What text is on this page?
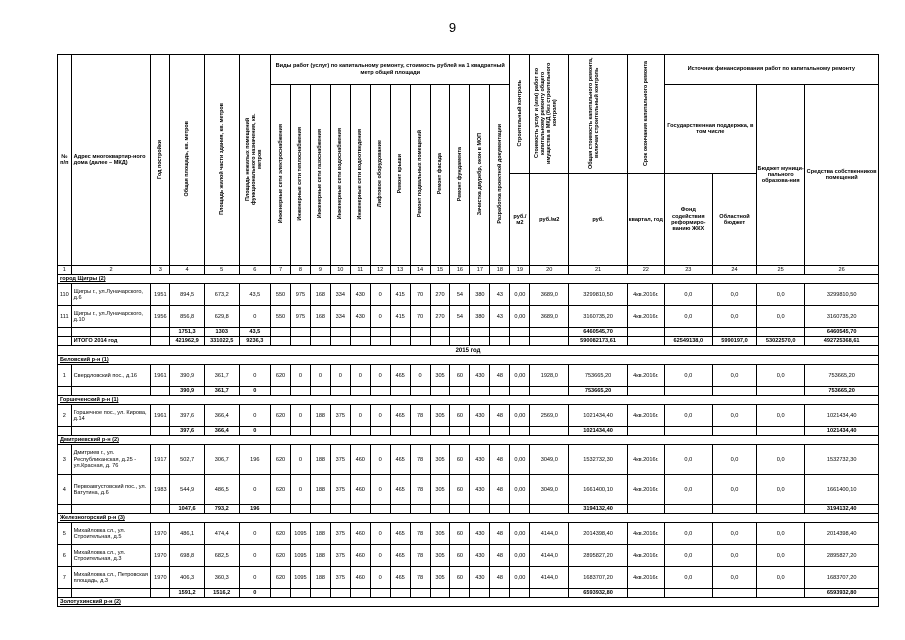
9
№ п/п	Адрес многоквартир-ного дома (далее – МКД)	Год постройки	Общая площадь, кв. метров	Площадь жилой части здания, кв. метров	Площадь нежилых помещений функционального назначения, кв. метров	Виды работ (услуг) по капитальному ремонту, стоимость рублей на 1 квадратный метр общей площади												Строительный контроль	Стоимость услуг и (или) работ по капитальному ремонту общего имущества в МКД (без строительного контроля)	Общая стоимость капитального ремонта, включая строительный контроль	Срок окончания капитального ремонта	Источник финансирования работ по капитальному ремонту			
						Инженерные сети электроснабжения	Инженерные сети теплоснабжения	Инженерные сети газоснабжения	Инженерные сети водоснабжения	Инженерные сети водоотведения	Лифтовое оборудование	Ремонт крыши	Ремонт подвальных помещений	Ремонт фасада	Ремонт фундамента	Зачистка двуребр, окон в МОП	Разработка проектной документации					Государственная поддержка, в том числе		Бюджет муници-пального образова-ния	Средства собственников помещений
																		руб./м2	руб./м2	руб.	квартал, год	Фонд содействия реформиро-ванию ЖКХ	Областной бюджет		
1	2	3	4	5	6	7	8	9	10	11	12	13	14	15	16	17	18	19	20	21	22	23	24	25	26
город Щигры (2)																									
110	Щигры г., ул.Луначарского, д.6	1951	894,5	673,2	43,5	550	975	168	334	430	0	415	70	270	54	380	43	0,00	3689,0	3299810,50	4кв.2016г.	0,0	0,0	0,0	3299810,50
111	Щигры г., ул.Луначарского, д.10	1956	856,8	629,8	0	550	975	168	334	430	0	415	70	270	54	380	43	0,00	3689,0	3160735,20	4кв.2016г.	0,0	0,0	0,0	3160735,20
			1751,3	1303	43,5															6460545,70					6460545,70
	ИТОГО 2014 год		421962,9	331022,5	9236,3															590082173,61		62549138,0	5990197,0	53022570,0	492725368,61
2015 год																									
Беловский р-н (1)																									
1	Свердловский пос., д.16	1961	390,9	361,7	0	620	0	0	0	0	0	465	0	305	60	430	48	0,00	1928,0	753665,20	4кв.2016г.	0,0	0,0	0,0	753665,20
			390,9	361,7	0															753665,20					753665,20
Горшеченский р-н (1)																									
2	Горшечное пос., ул. Кирова, д.14	1961	397,6	366,4	0	620	0	188	375	0	0	465	78	305	60	430	48	0,00	2569,0	1021434,40	4кв.2016г.	0,0	0,0	0,0	1021434,40
			397,6	366,4	0															1021434,40					1021434,40
Дмитриевский р-н (2)																									
3	Дмитриев г., ул. Республиканская, д.25 - ул.Красная, д. 76	1917	502,7	306,7	196	620	0	188	375	460	0	465	78	305	60	430	48	0,00	3049,0	1532732,30	4кв.2016г.	0,0	0,0	0,0	1532732,30
4	Первоавгустовский пос., ул. Ватутина, д.6	1983	544,9	486,5	0	620	0	188	375	460	0	465	78	305	60	430	48	0,00	3049,0	1661400,10	4кв.2016г.	0,0	0,0	0,0	1661400,10
			1047,6	793,2	196															3194132,40					3194132,40
Железногорский р-н (3)																									
5	Михайловка сл., ул. Строительная, д.5	1970	486,1	474,4	0	620	1095	188	375	460	0	465	78	305	60	430	48	0,00	4144,0	2014398,40	4кв.2016г.	0,0	0,0	0,0	2014398,40
6	Михайловка сл., ул. Строительная, д.3	1970	698,8	682,5	0	620	1095	188	375	460	0	465	78	305	60	430	48	0,00	4144,0	2895827,20	4кв.2016г.	0,0	0,0	0,0	2895827,20
7	Михайловка сл., Петровская площадь, д.3	1970	406,3	360,3	0	620	1095	188	375	460	0	465	78	305	60	430	48	0,00	4144,0	1683707,20	4кв.2016г.	0,0	0,0	0,0	1683707,20
			1591,2	1516,2	0															6593932,80					6593932,80
Золотухинский р-н (2)																									
